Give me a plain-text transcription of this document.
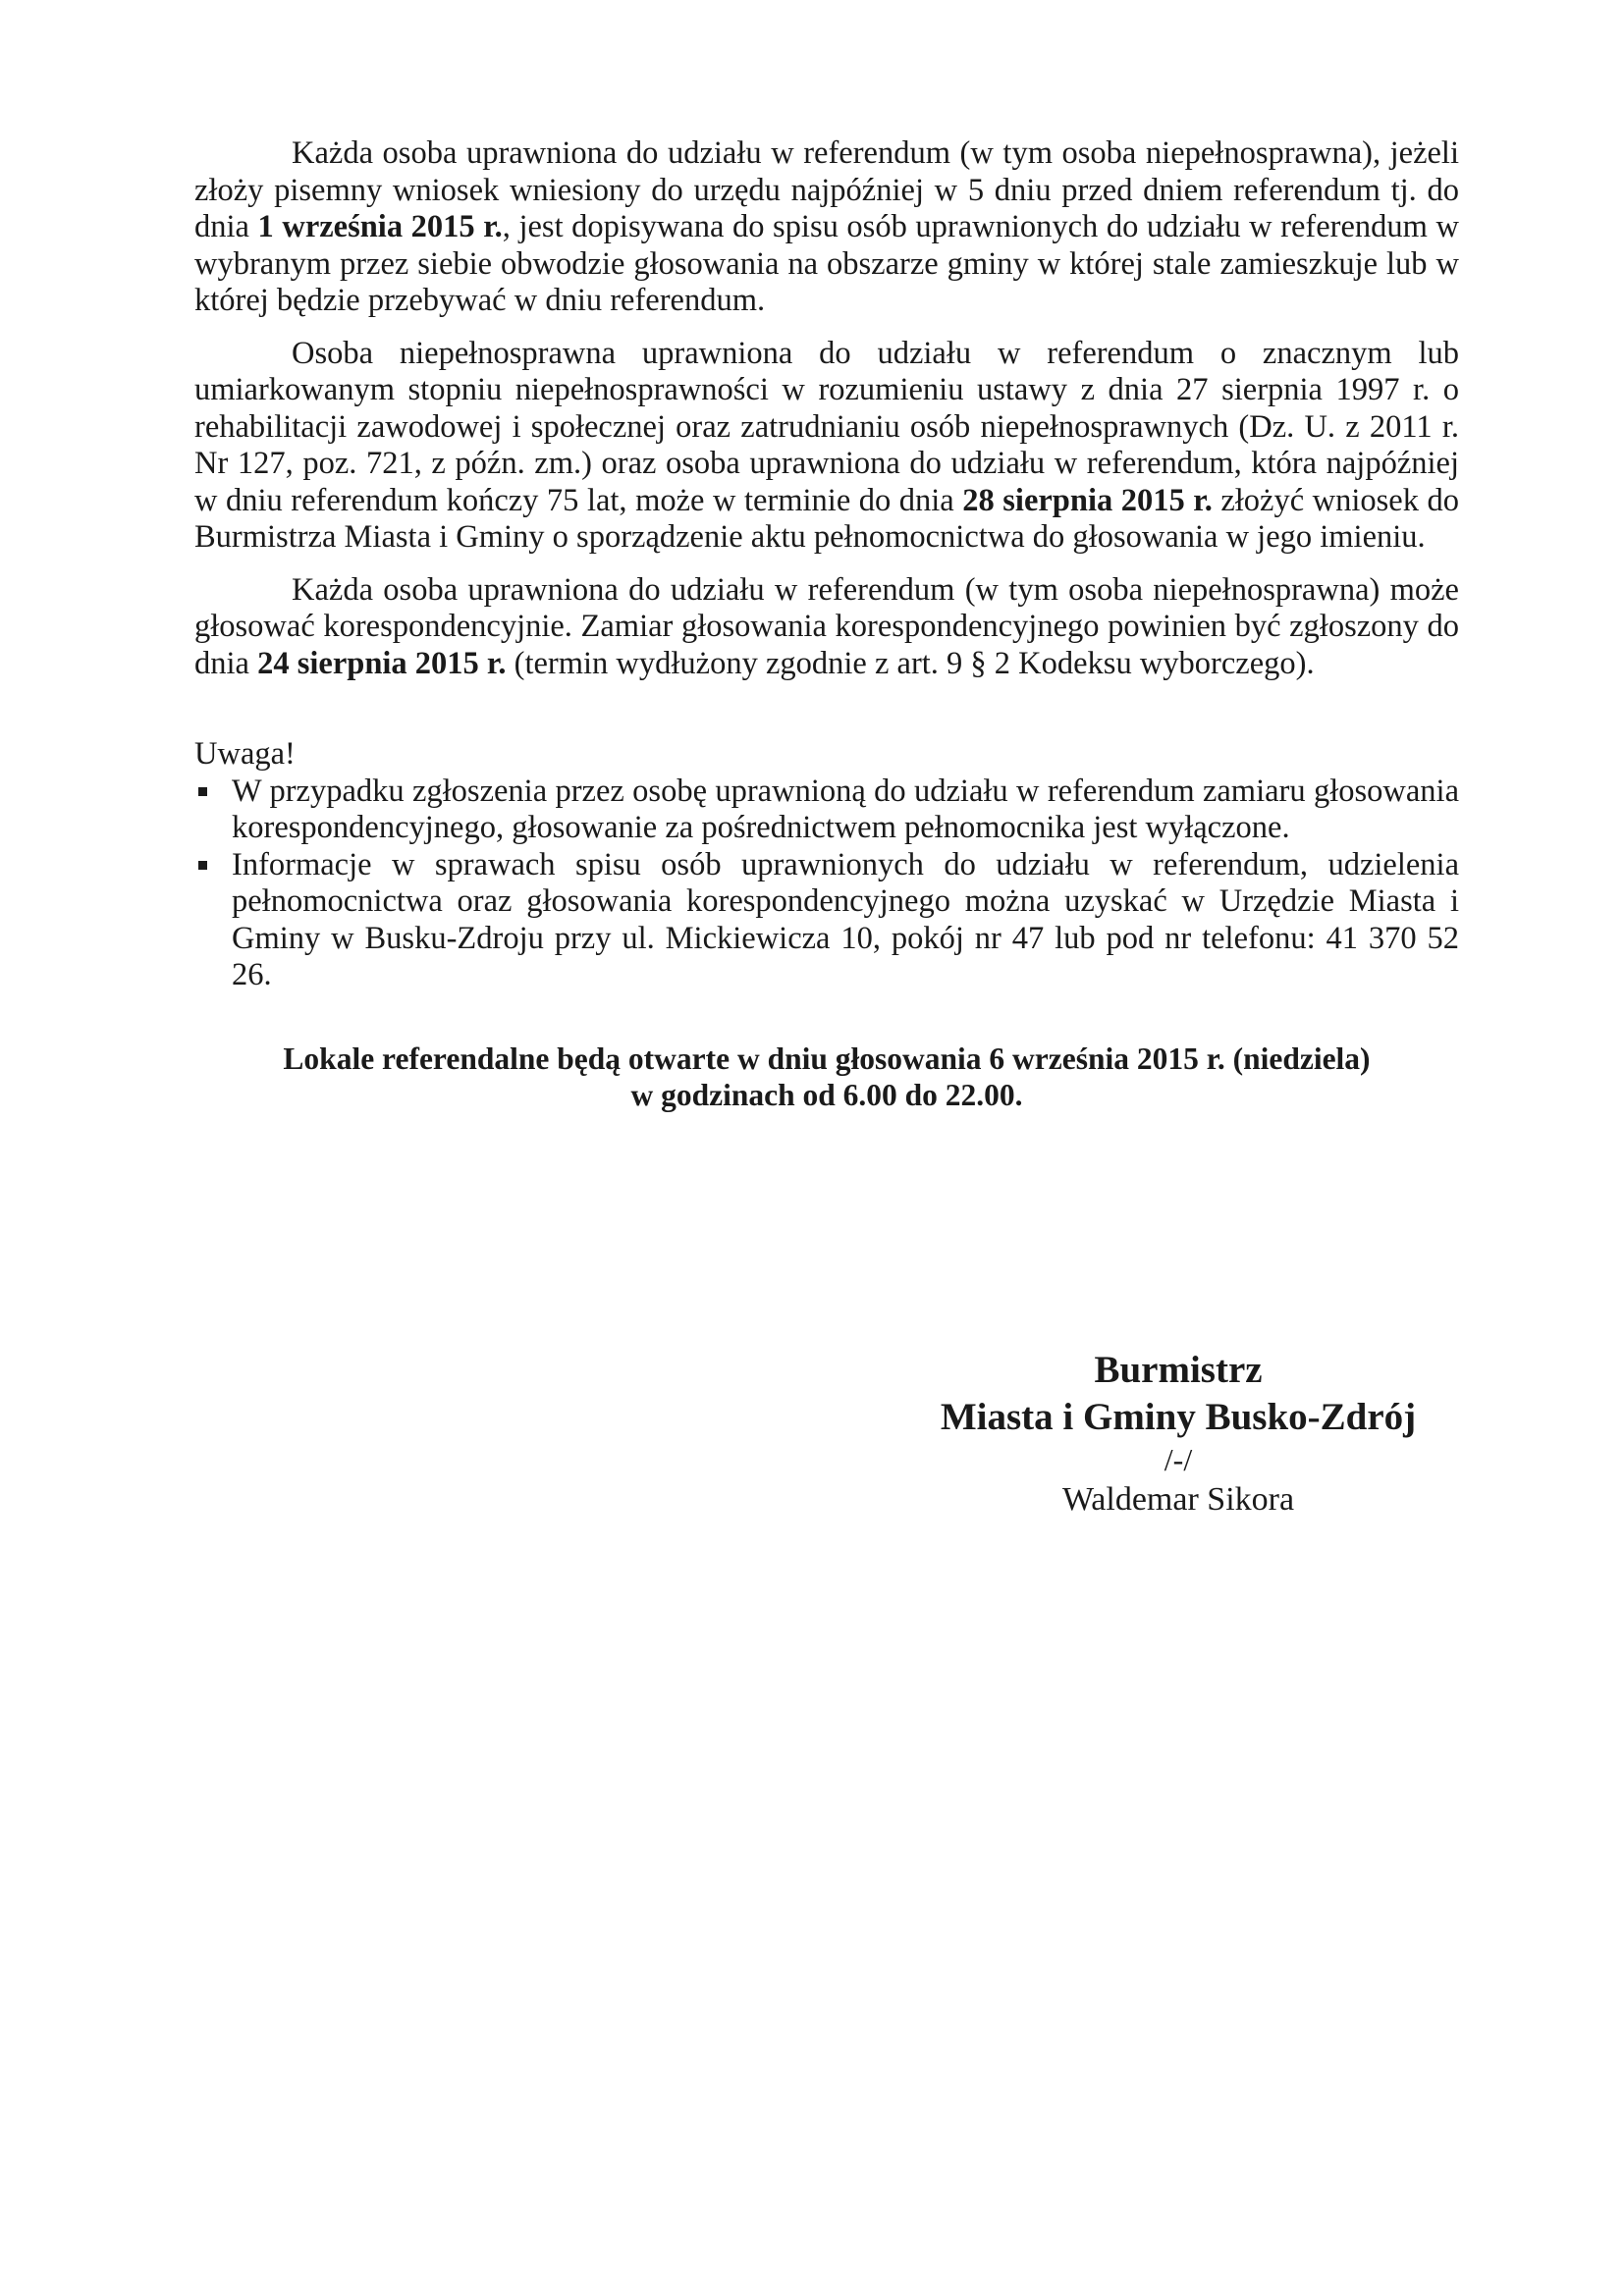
Każda osoba uprawniona do udziału w referendum (w tym osoba niepełnosprawna), jeżeli złoży pisemny wniosek wniesiony do urzędu najpóźniej w 5 dniu przed dniem referendum tj. do dnia 1 września 2015 r., jest dopisywana do spisu osób uprawnionych do udziału w referendum w wybranym przez siebie obwodzie głosowania na obszarze gminy w której stale zamieszkuje lub w której będzie przebywać w dniu referendum.

Osoba niepełnosprawna uprawniona do udziału w referendum o znacznym lub umiarkowanym stopniu niepełnosprawności w rozumieniu ustawy z dnia 27 sierpnia 1997 r. o rehabilitacji zawodowej i społecznej oraz zatrudnianiu osób niepełnosprawnych (Dz. U. z 2011 r. Nr 127, poz. 721, z późn. zm.) oraz osoba uprawniona do udziału w referendum, która najpóźniej w dniu referendum kończy 75 lat, może w terminie do dnia 28 sierpnia 2015 r. złożyć wniosek do Burmistrza Miasta i Gminy o sporządzenie aktu pełnomocnictwa do głosowania w jego imieniu.

Każda osoba uprawniona do udziału w referendum (w tym osoba niepełnosprawna) może głosować korespondencyjnie. Zamiar głosowania korespondencyjnego powinien być zgłoszony do dnia 24 sierpnia 2015 r. (termin wydłużony zgodnie z art. 9 § 2 Kodeksu wyborczego).

Uwaga!

W przypadku zgłoszenia przez osobę uprawnioną do udziału w referendum zamiaru głosowania korespondencyjnego, głosowanie za pośrednictwem pełnomocnika jest wyłączone.
Informacje w sprawach spisu osób uprawnionych do udziału w referendum, udzielenia pełnomocnictwa oraz głosowania korespondencyjnego można uzyskać w Urzędzie Miasta i Gminy w Busku-Zdroju przy ul. Mickiewicza 10, pokój nr 47 lub pod nr telefonu: 41 370 52 26.
Lokale referendalne będą otwarte w dniu głosowania 6 września 2015 r. (niedziela)
w godzinach od 6.00 do 22.00.
Burmistrz
Miasta i Gminy Busko-Zdrój
/-/
Waldemar Sikora
